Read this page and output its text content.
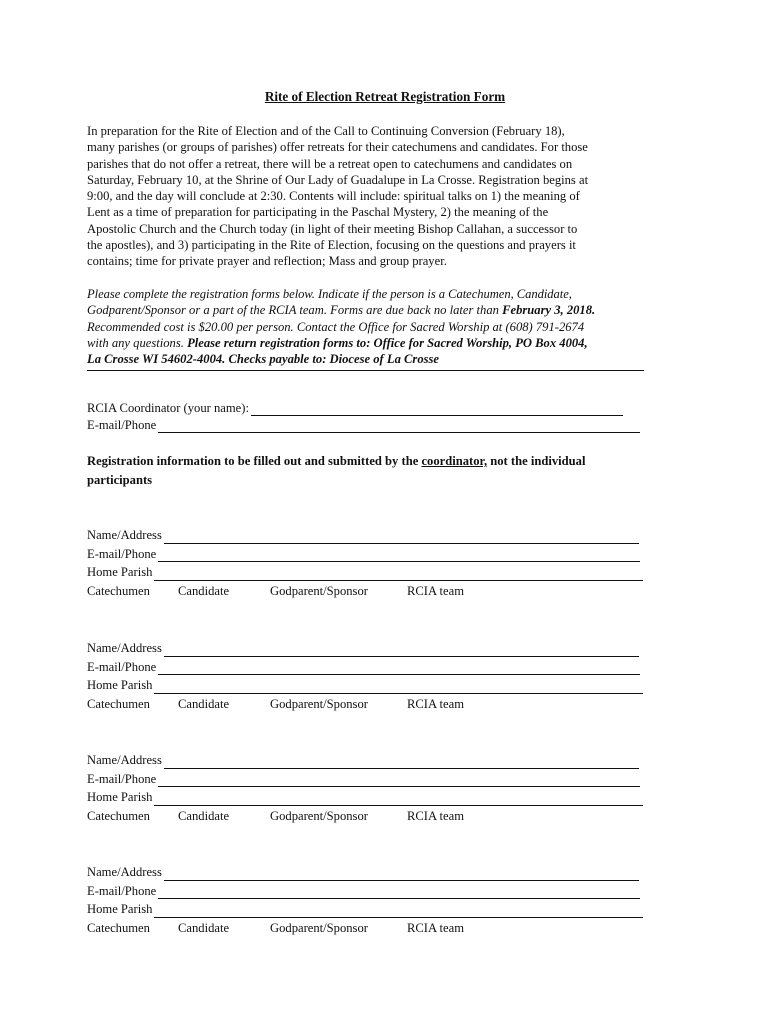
Rite of Election Retreat Registration Form
In preparation for the Rite of Election and of the Call to Continuing Conversion (February 18),
many parishes (or groups of parishes) offer retreats for their catechumens and candidates. For those
parishes that do not offer a retreat, there will be a retreat open to catechumens and candidates on
Saturday, February 10, at the Shrine of Our Lady of Guadalupe in La Crosse. Registration begins at
9:00, and the day will conclude at 2:30. Contents will include: spiritual talks on 1) the meaning of
Lent as a time of preparation for participating in the Paschal Mystery, 2) the meaning of the
Apostolic Church and the Church today (in light of their meeting Bishop Callahan, a successor to
the apostles), and 3) participating in the Rite of Election, focusing on the questions and prayers it
contains; time for private prayer and reflection; Mass and group prayer.
Please complete the registration forms below. Indicate if the person is a Catechumen, Candidate,
Godparent/Sponsor or a part of the RCIA team. Forms are due back no later than February 3, 2018.
Recommended cost is $20.00 per person. Contact the Office for Sacred Worship at (608) 791-2674
with any questions. Please return registration forms to: Office for Sacred Worship, PO Box 4004,
La Crosse WI 54602-4004. Checks payable to: Diocese of La Crosse
RCIA Coordinator (your name):
E-mail/Phone
Registration information to be filled out and submitted by the coordinator, not the individual
participants
Name/Address
E-mail/Phone
Home Parish
Catechumen	Candidate	Godparent/Sponsor	RCIA team
Name/Address
E-mail/Phone
Home Parish
Catechumen	Candidate	Godparent/Sponsor	RCIA team
Name/Address
E-mail/Phone
Home Parish
Catechumen	Candidate	Godparent/Sponsor	RCIA team
Name/Address
E-mail/Phone
Home Parish
Catechumen	Candidate	Godparent/Sponsor	RCIA team
